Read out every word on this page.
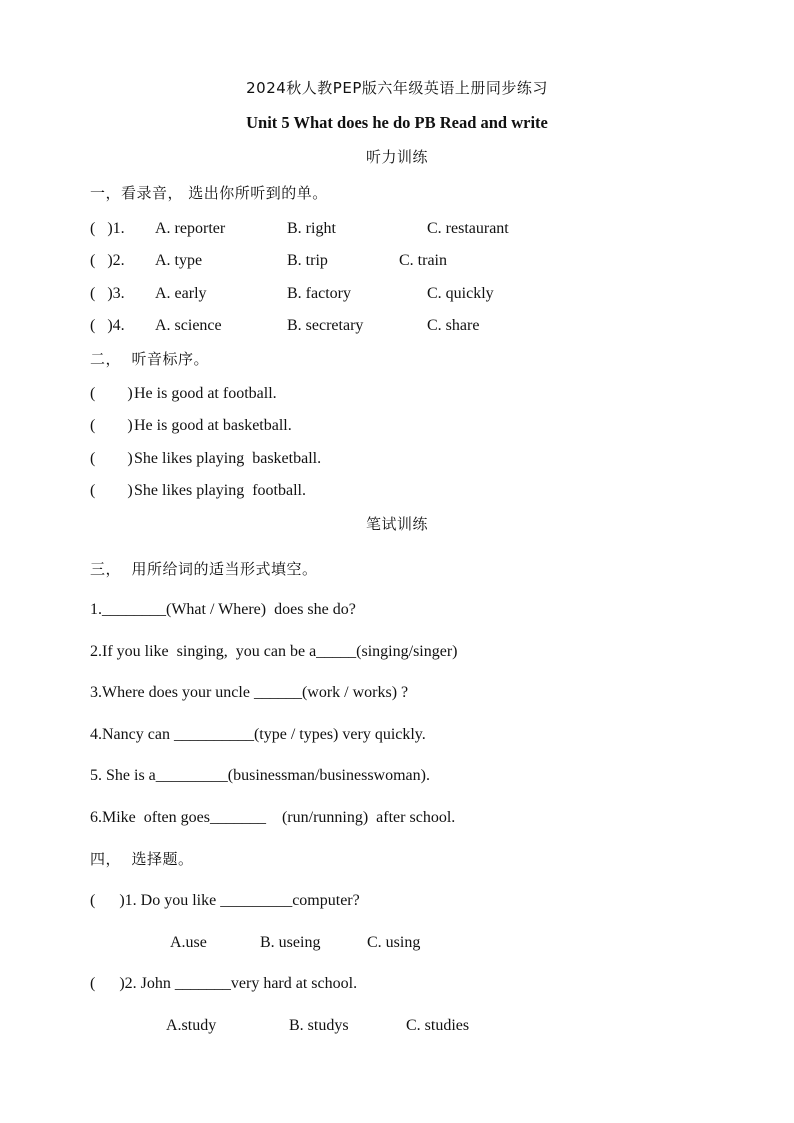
2024秋人教PEP版六年级英语上册同步练习
Unit 5 What does he do PB Read and write
听力训练
一，看录音， 选出你所听到的单。
(   )1. A. reporter	B. right	C. restaurant
(   )2. A. type	B. trip	C. train
(   )3. A. early	B. factory	C. quickly
(   )4. A. science	B. secretary	C. share
二，  听音标序。
(        ) He is good at football.
(        ) He is good at basketball.
(        ) She likes playing  basketball.
(        ) She likes playing  football.
笔试训练
三，  用所给词的适当形式填空。
1.________(What / Where)  does she do?
2.If you like  singing,  you can be a_____(singing/singer)
3.Where does your uncle ______(work / works) ?
4.Nancy can __________(type / types) very quickly.
5. She is a_________(businessman/businesswoman).
6.Mike  often goes_______    (run/running)  after school.
四，  选择题。
(      )1. Do you like _________computer?
A.use	B. useing	C. using
(      )2. John _______very hard at school.
A.study	B. studys	C. studies
